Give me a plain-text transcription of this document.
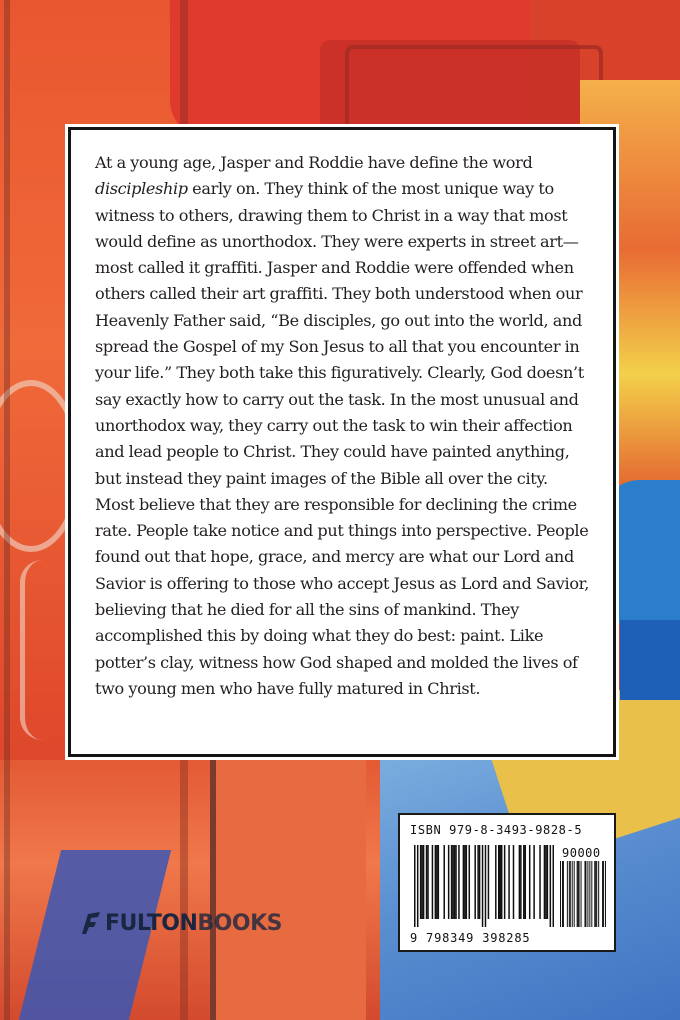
At a young age, Jasper and Roddie have define the word discipleship early on. They think of the most unique way to witness to others, drawing them to Christ in a way that most would define as unorthodox. They were experts in street art—most called it graffiti. Jasper and Roddie were offended when others called their art graffiti. They both understood when our Heavenly Father said, “Be disciples, go out into the world, and spread the Gospel of my Son Jesus to all that you encounter in your life.” They both take this figuratively. Clearly, God doesn’t say exactly how to carry out the task. In the most unusual and unorthodox way, they carry out the task to win their affection and lead people to Christ. They could have painted anything, but instead they paint images of the Bible all over the city. Most believe that they are responsible for declining the crime rate. People take notice and put things into perspective. People found out that hope, grace, and mercy are what our Lord and Savior is offering to those who accept Jesus as Lord and Savior, believing that he died for all the sins of mankind. They accomplished this by doing what they do best: paint. Like potter’s clay, witness how God shaped and molded the lives of two young men who have fully matured in Christ.

FULTON BOOKS
ISBN 979-8-3493-9828-5
90000
9 798349 398285
